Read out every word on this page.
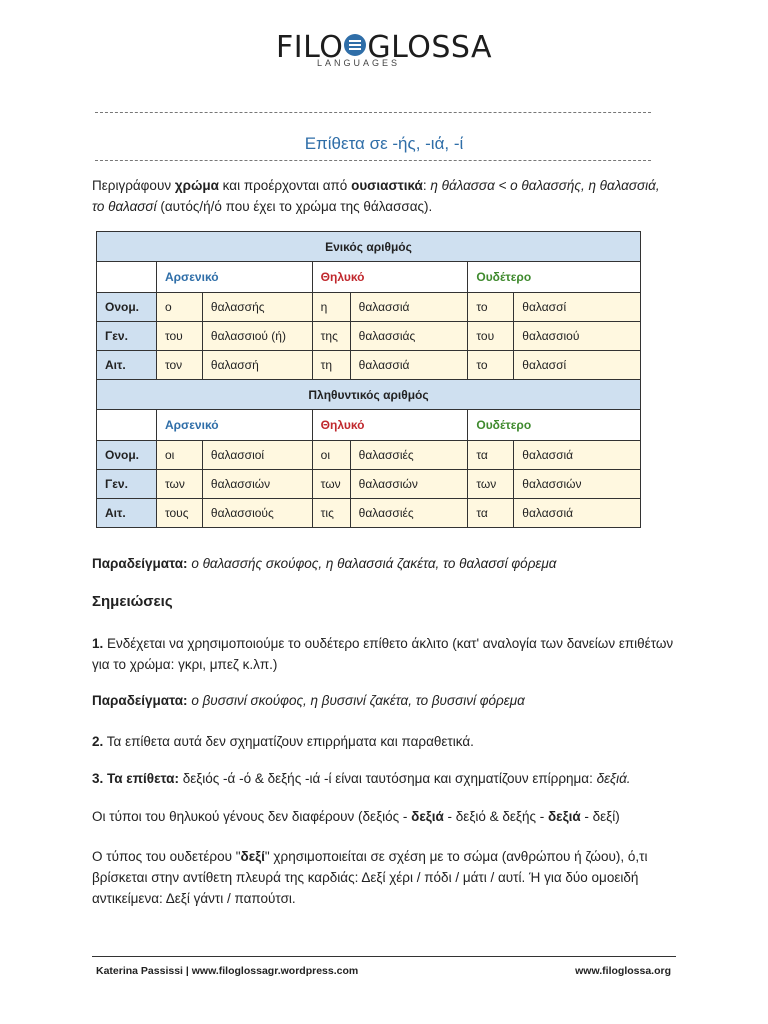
FILO GLOSSA
LANGUAGES
Επίθετα σε -ής, -ιά, -ί
Περιγράφουν χρώμα και προέρχονται από ουσιαστικά: η θάλασσα < ο θαλασσής, η θαλασσιά,
το θαλασσί (αυτός/ή/ό που έχει το χρώμα της θάλασσας).
Ενικός αριθμός						
	Αρσενικό		Θηλυκό		Ουδέτερο	
Ονομ.	ο	θαλασσής	η	θαλασσιά	το	θαλασσί
Γεν.	του	θαλασσιού (ή)	της	θαλασσιάς	του	θαλασσιού
Αιτ.	τον	θαλασσή	τη	θαλασσιά	το	θαλασσί
Πληθυντικός αριθμός						
	Αρσενικό		Θηλυκό		Ουδέτερο	
Ονομ.	οι	θαλασσιοί	οι	θαλασσιές	τα	θαλασσιά
Γεν.	των	θαλασσιών	των	θαλασσιών	των	θαλασσιών
Αιτ.	τους	θαλασσιούς	τις	θαλασσιές	τα	θαλασσιά
Παραδείγματα: ο θαλασσής σκούφος, η θαλασσιά ζακέτα, το θαλασσί φόρεμα
Σημειώσεις
1. Ενδέχεται να χρησιμοποιούμε το ουδέτερο επίθετο άκλιτο (κατ' αναλογία των δανείων επιθέτων για το χρώμα: γκρι, μπεζ κ.λπ.)
Παραδείγματα: ο βυσσινί σκούφος, η βυσσινί ζακέτα, το βυσσινί φόρεμα
2. Τα επίθετα αυτά δεν σχηματίζουν επιρρήματα και παραθετικά.
3. Τα επίθετα: δεξιός -ά -ό & δεξής -ιά -ί είναι ταυτόσημα και σχηματίζουν επίρρημα: δεξιά.
Οι τύποι του θηλυκού γένους δεν διαφέρουν (δεξιός - δεξιά - δεξιό & δεξής - δεξιά - δεξί)
Ο τύπος του ουδετέρου "δεξί" χρησιμοποιείται σε σχέση με το σώμα (ανθρώπου ή ζώου), ό,τι βρίσκεται στην αντίθετη πλευρά της καρδιάς: Δεξί χέρι / πόδι / μάτι / αυτί. Ή για δύο ομοειδή αντικείμενα: Δεξί γάντι / παπούτσι.
Katerina Passissi | www.filoglossagr.wordpress.com	www.filoglossa.org
